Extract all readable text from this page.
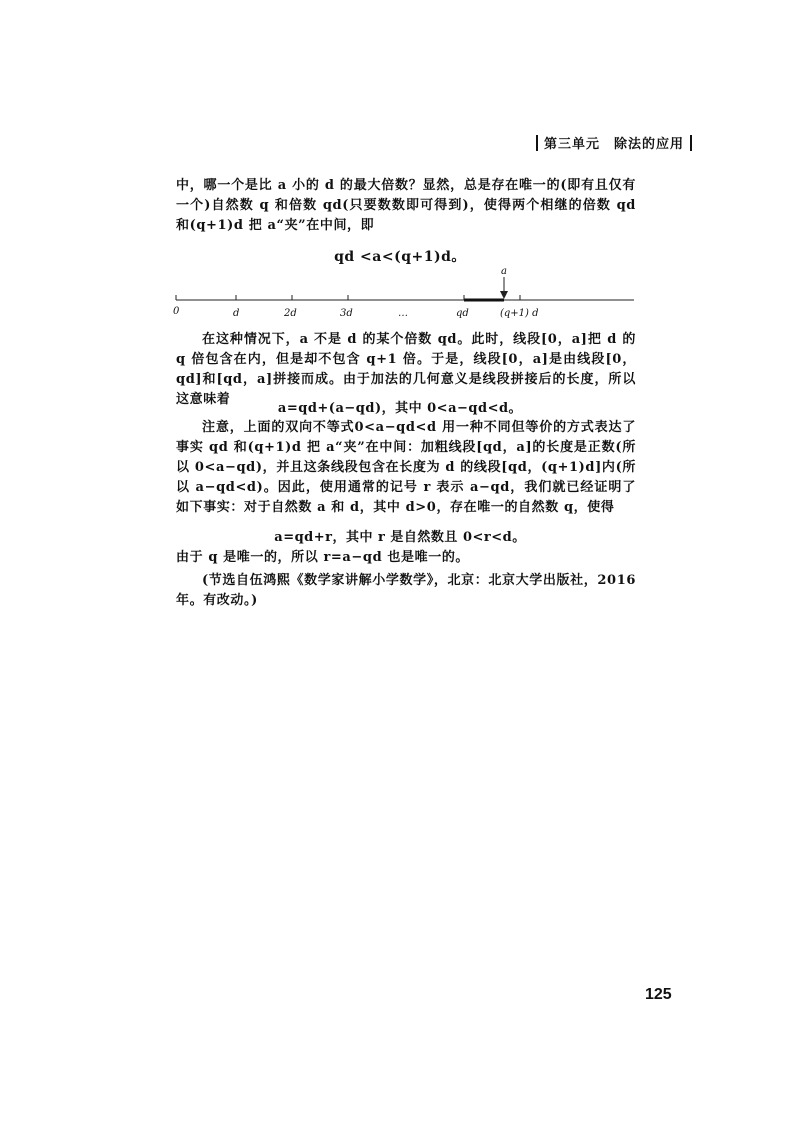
第三单元　除法的应用

中，哪一个是比 a 小的 d 的最大倍数？显然，总是存在唯一的(即有且仅有一个)自然数 q 和倍数 qd(只要数数即可得到)，使得两个相继的倍数 qd 和(q+1)d 把 a“夹”在中间，即

qd <a<(q+1)d。
a
0	d	2d	3d	…	qd	(q+1) d

在这种情况下，a 不是 d 的某个倍数 qd。此时，线段[0，a]把 d 的 q 倍包含在内，但是却不包含 q+1 倍。于是，线段[0，a]是由线段[0，qd]和[qd，a]拼接而成。由于加法的几何意义是线段拼接后的长度，所以这意味着

a=qd+(a−qd)，其中 0<a−qd<d。

注意，上面的双向不等式0<a−qd<d 用一种不同但等价的方式表达了事实 qd 和(q+1)d 把 a“夹”在中间：加粗线段[qd，a]的长度是正数(所以 0<a−qd)，并且这条线段包含在长度为 d 的线段[qd，(q+1)d]内(所以 a−qd<d)。因此，使用通常的记号 r 表示 a−qd，我们就已经证明了如下事实：对于自然数 a 和 d，其中 d>0，存在唯一的自然数 q，使得

a=qd+r，其中 r 是自然数且 0<r<d。

由于 q 是唯一的，所以 r=a−qd 也是唯一的。

(节选自伍鸿熙《数学家讲解小学数学》，北京：北京大学出版社，2016 年。有改动。)

125
